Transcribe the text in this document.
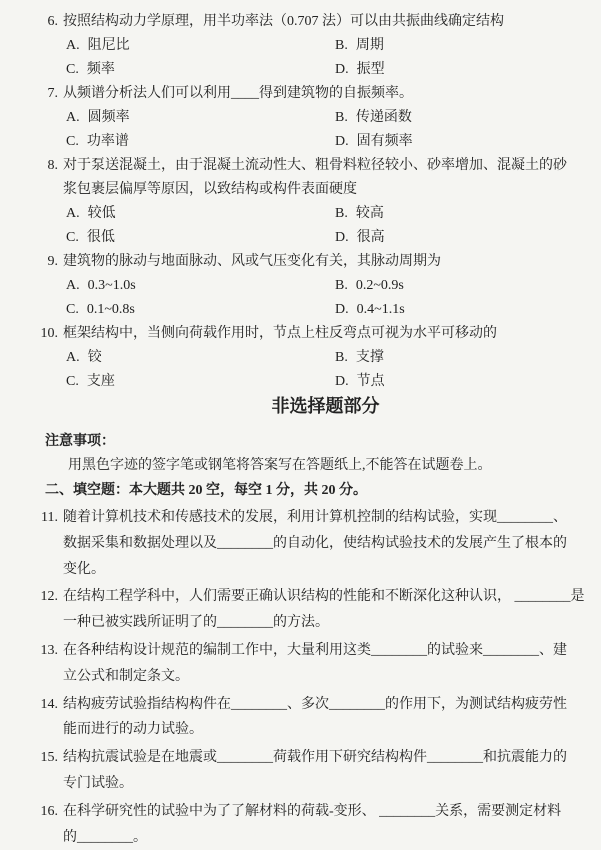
6. 按照结构动力学原理，用半功率法（0.707 法）可以由共振曲线确定结构
A. 阻尼比	B. 周期
C. 频率	D. 振型
7. 从频谱分析法人们可以利用____得到建筑物的自振频率。
A. 圆频率	B. 传递函数
C. 功率谱	D. 固有频率
8. 对于泵送混凝土，由于混凝土流动性大、粗骨料粒径较小、砂率增加、混凝土的砂
浆包裹层偏厚等原因，以致结构或构件表面硬度
A. 较低	B. 较高
C. 很低	D. 很高
9. 建筑物的脉动与地面脉动、风或气压变化有关，其脉动周期为
A. 0.3~1.0s	B. 0.2~0.9s
C. 0.1~0.8s	D. 0.4~1.1s
10. 框架结构中，当侧向荷载作用时，节点上柱反弯点可视为水平可移动的
A. 铰	B. 支撑
C. 支座	D. 节点
非选择题部分
注意事项：
用黑色字迹的签字笔或钢笔将答案写在答题纸上,不能答在试题卷上。
二、填空题：本大题共 20 空，每空 1 分，共 20 分。
11. 随着计算机技术和传感技术的发展，利用计算机控制的结构试验，实现________、
数据采集和数据处理以及________的自动化，使结构试验技术的发展产生了根本的
变化。
12. 在结构工程学科中，人们需要正确认识结构的性能和不断深化这种认识， ________是
一种已被实践所证明了的________的方法。
13. 在各种结构设计规范的编制工作中，大量利用这类________的试验来________、建
立公式和制定条文。
14. 结构疲劳试验指结构构件在________、多次________的作用下，为测试结构疲劳性
能而进行的动力试验。
15. 结构抗震试验是在地震或________荷载作用下研究结构构件________和抗震能力的
专门试验。
16. 在科学研究性的试验中为了了解材料的荷载-变形、 ________关系，需要测定材料
的________。
